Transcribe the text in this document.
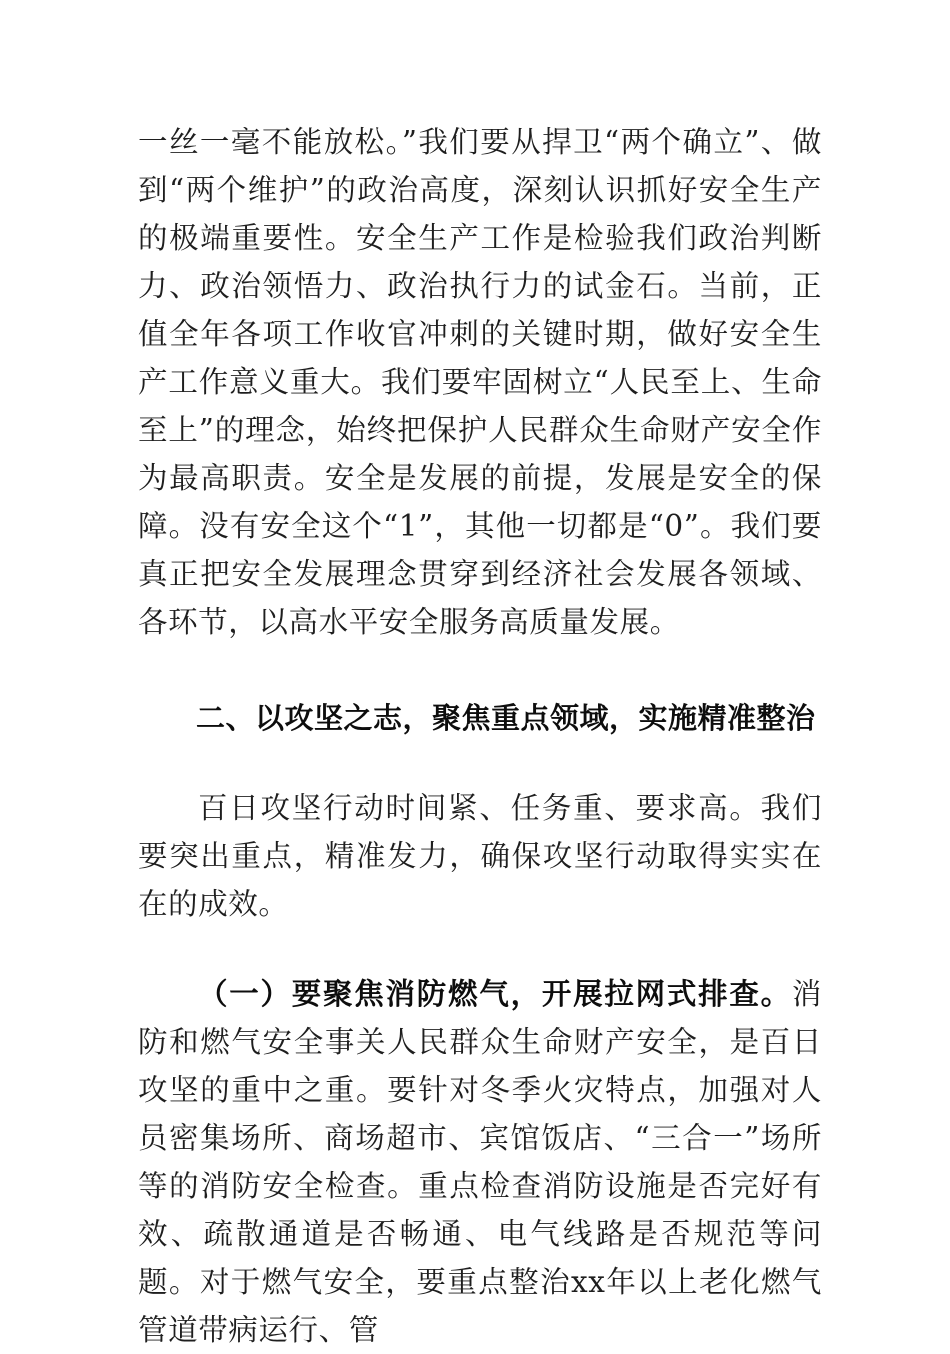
一丝一毫不能放松。”我们要从捍卫“两个确立”、做到“两个维护”的政治高度，深刻认识抓好安全生产的极端重要性。安全生产工作是检验我们政治判断力、政治领悟力、政治执行力的试金石。当前，正值全年各项工作收官冲刺的关键时期，做好安全生产工作意义重大。我们要牢固树立“人民至上、生命至上”的理念，始终把保护人民群众生命财产安全作为最高职责。安全是发展的前提，发展是安全的保障。没有安全这个“1”，其他一切都是“0”。我们要真正把安全发展理念贯穿到经济社会发展各领域、各环节，以高水平安全服务高质量发展。

二、以攻坚之志，聚焦重点领域，实施精准整治

百日攻坚行动时间紧、任务重、要求高。我们要突出重点，精准发力，确保攻坚行动取得实实在在的成效。

（一）要聚焦消防燃气，开展拉网式排查。消防和燃气安全事关人民群众生命财产安全，是百日攻坚的重中之重。要针对冬季火灾特点，加强对人员密集场所、商场超市、宾馆饭店、“三合一”场所等的消防安全检查。重点检查消防设施是否完好有效、疏散通道是否畅通、电气线路是否规范等问题。对于燃气安全，要重点整治xx年以上老化燃气管道带病运行、管
